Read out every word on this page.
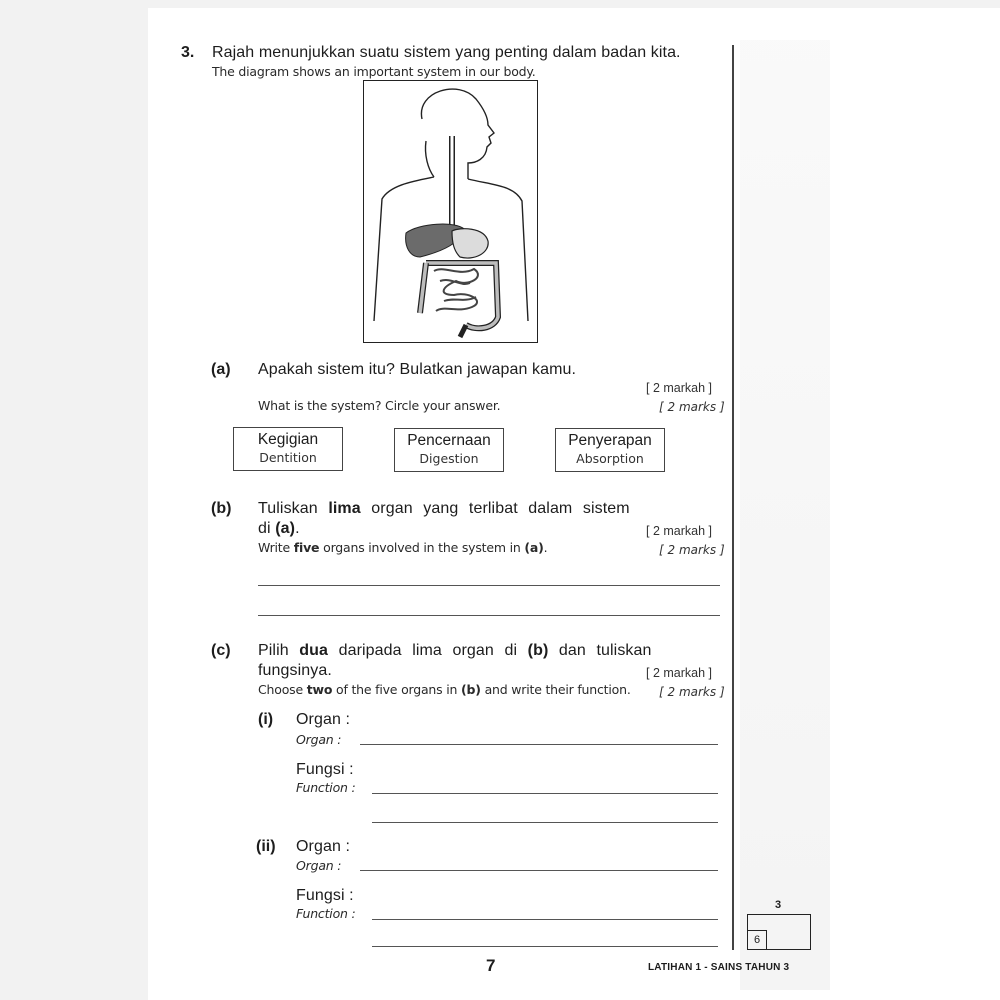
3. Rajah menunjukkan suatu sistem yang penting dalam badan kita.
The diagram shows an important system in our body.
(a) Apakah sistem itu? Bulatkan jawapan kamu.
[ 2 markah ]
What is the system? Circle your answer.	[ 2 marks ]
Kegigian
Dentition
Pencernaan
Digestion
Penyerapan
Absorption
(b) Tuliskan lima organ yang terlibat dalam sistem
di (a).	[ 2 markah ]
Write five organs involved in the system in (a).	[ 2 marks ]
(c) Pilih dua daripada lima organ di (b) dan tuliskan
fungsinya.	[ 2 markah ]
Choose two of the five organs in (b) and write their function. [ 2 marks ]
(i) Organ :
Organ :
Fungsi :
Function :
(ii) Organ :
Organ :
Fungsi :
Function :
3
6
7	LATIHAN 1 - SAINS TAHUN 3
